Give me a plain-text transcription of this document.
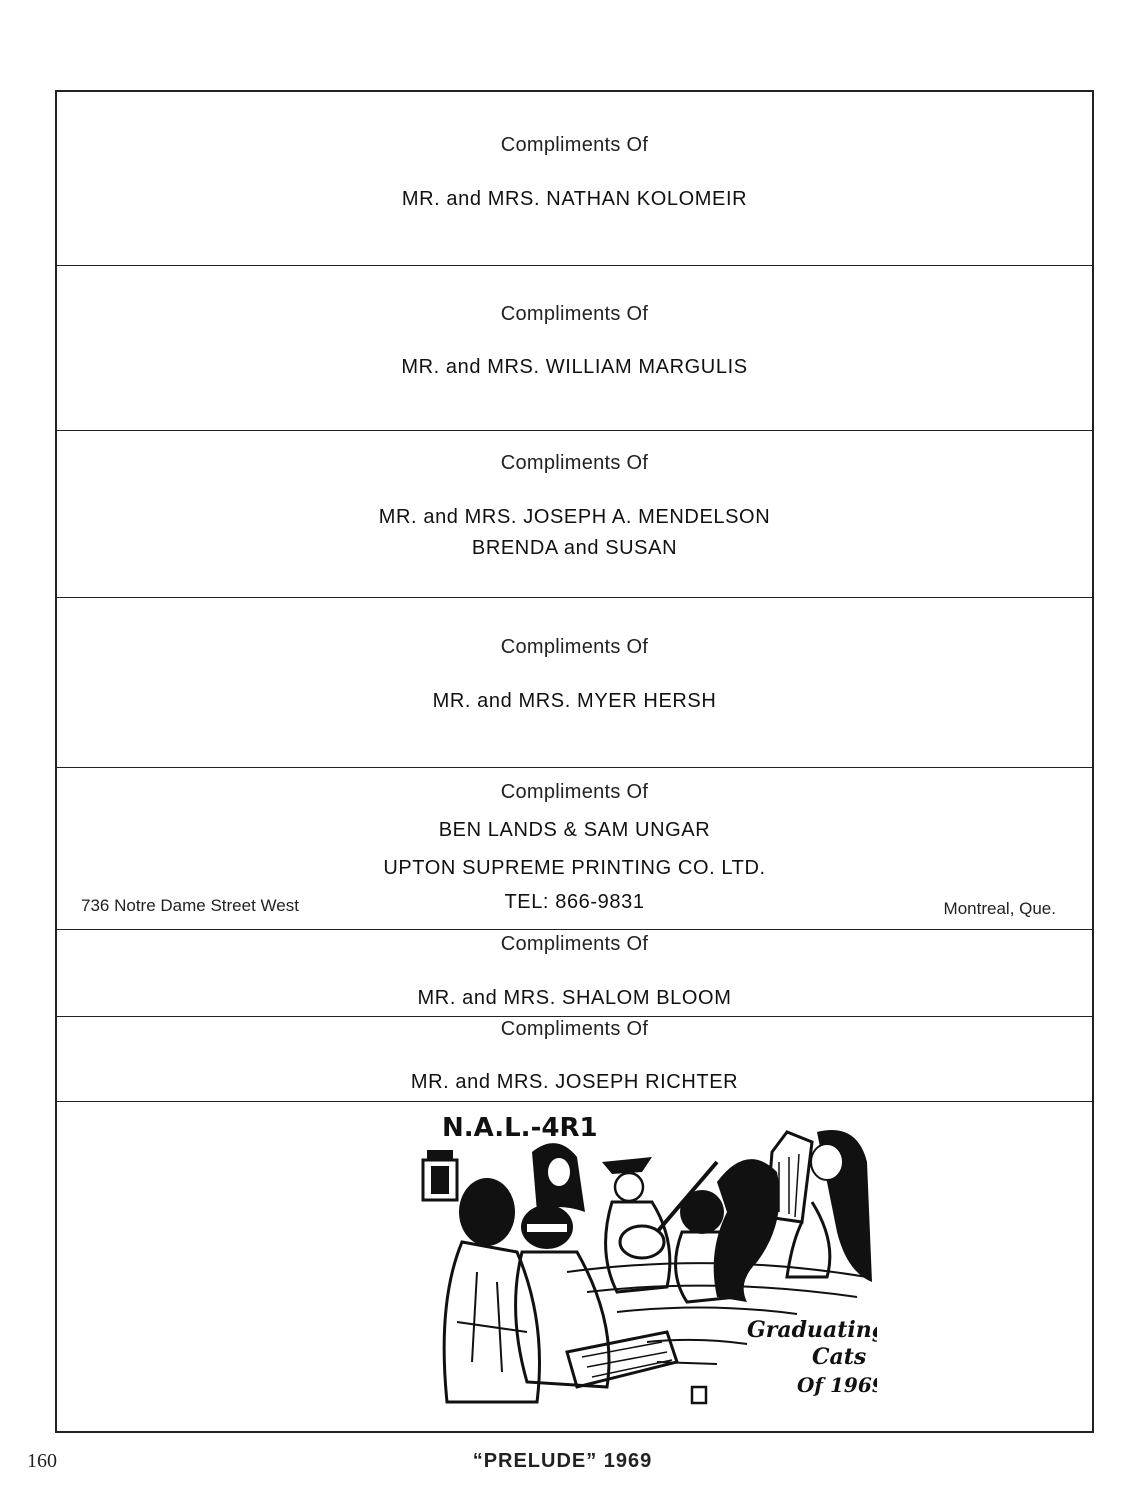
Compliments Of
MR. and MRS. NATHAN KOLOMEIR
Compliments Of
MR. and MRS. WILLIAM MARGULIS
Compliments Of
MR. and MRS. JOSEPH A. MENDELSON
BRENDA and SUSAN
Compliments Of
MR. and MRS. MYER HERSH
Compliments Of
BEN LANDS & SAM UNGAR
UPTON SUPREME PRINTING CO. LTD.
TEL: 866-9831
736 Notre Dame Street West	Montreal, Que.
Compliments Of
MR. and MRS. SHALOM BLOOM
Compliments Of
MR. and MRS. JOSEPH RICHTER
N.A.L.-4R1
Graduating
Cats
Of 1969
160	“PRELUDE” 1969
